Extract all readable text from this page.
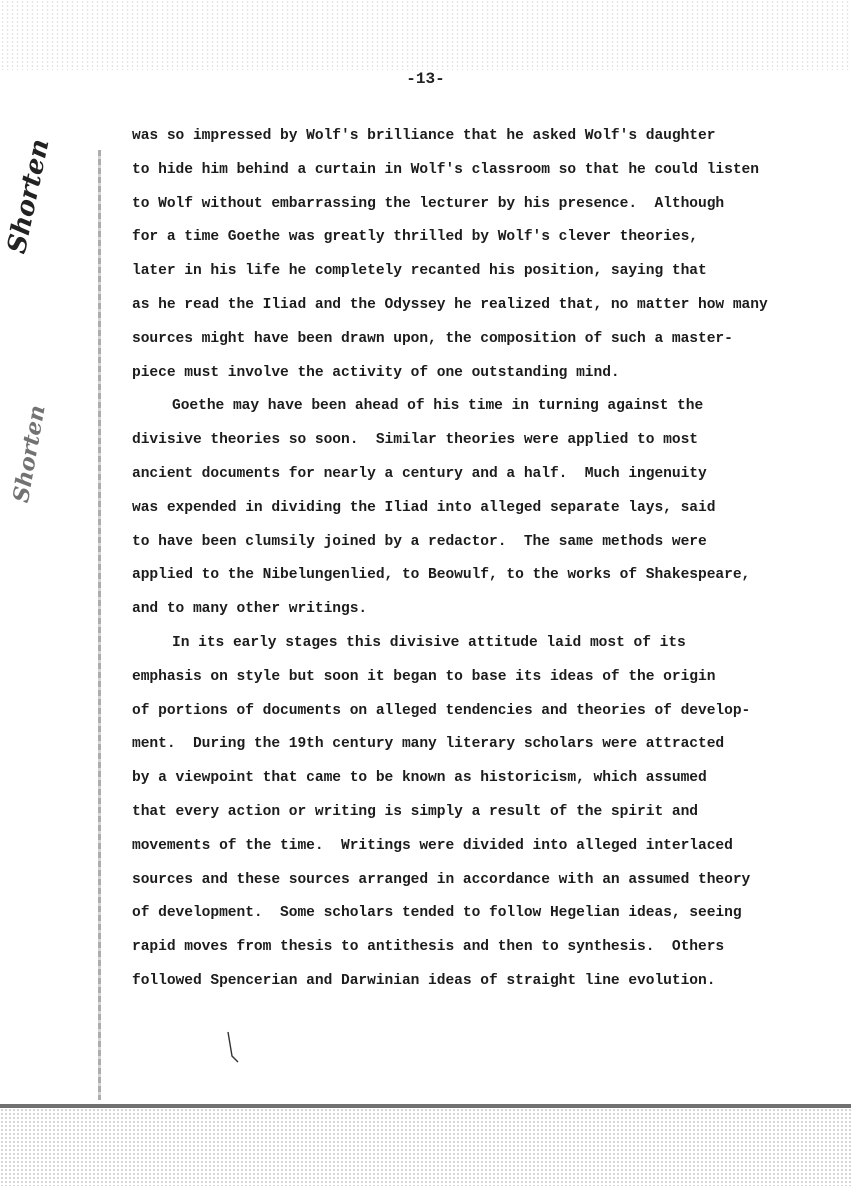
-13-
Shorten
Shorten
was so impressed by Wolf's brilliance that he asked Wolf's daughter
to hide him behind a curtain in Wolf's classroom so that he could listen
to Wolf without embarrassing the lecturer by his presence.  Although
for a time Goethe was greatly thrilled by Wolf's clever theories,
later in his life he completely recanted his position, saying that
as he read the Iliad and the Odyssey he realized that, no matter how many
sources might have been drawn upon, the composition of such a master-
piece must involve the activity of one outstanding mind.
Goethe may have been ahead of his time in turning against the
divisive theories so soon.  Similar theories were applied to most
ancient documents for nearly a century and a half.  Much ingenuity
was expended in dividing the Iliad into alleged separate lays, said
to have been clumsily joined by a redactor.  The same methods were
applied to the Nibelungenlied, to Beowulf, to the works of Shakespeare,
and to many other writings.
In its early stages this divisive attitude laid most of its
emphasis on style but soon it began to base its ideas of the origin
of portions of documents on alleged tendencies and theories of develop-
ment.  During the 19th century many literary scholars were attracted
by a viewpoint that came to be known as historicism, which assumed
that every action or writing is simply a result of the spirit and
movements of the time.  Writings were divided into alleged interlaced
sources and these sources arranged in accordance with an assumed theory
of development.  Some scholars tended to follow Hegelian ideas, seeing
rapid moves from thesis to antithesis and then to synthesis.  Others
followed Spencerian and Darwinian ideas of straight line evolution.
